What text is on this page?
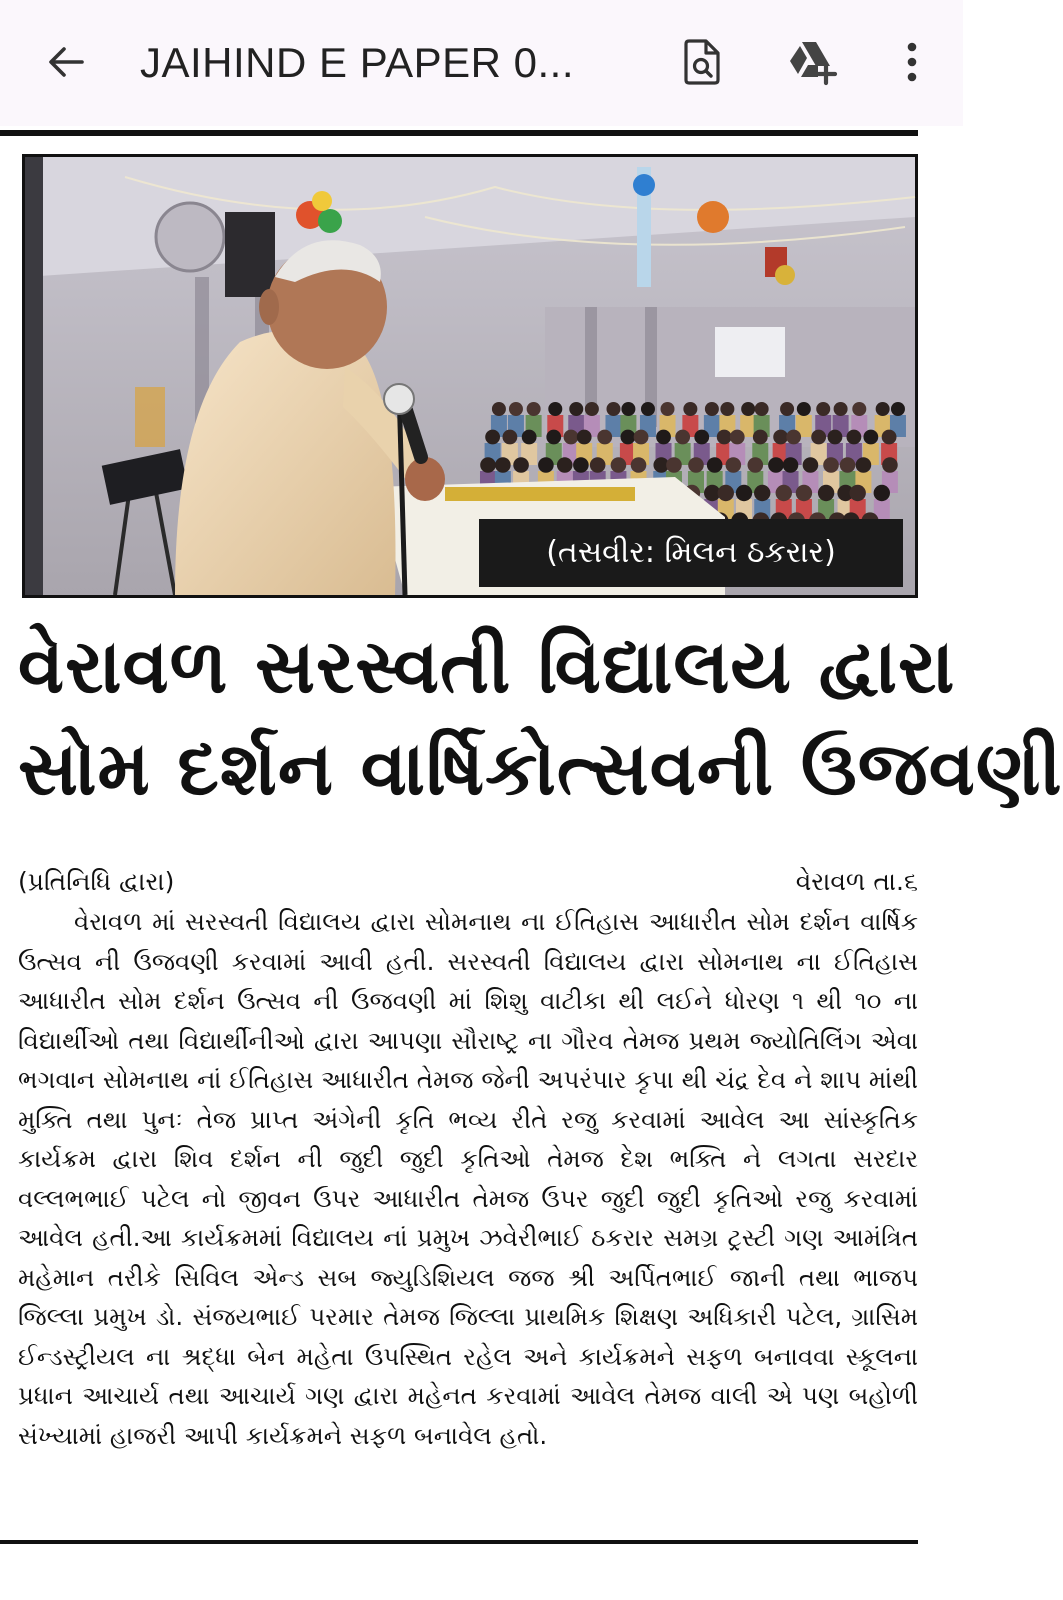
JAIHIND E PAPER 0...
(તસવીર: મિલન ઠકરાર)
વેરાવળ સરસ્વતી વિદ્યાલય દ્વારા
સોમ દર્શન વાર્ષિકોત્સવની ઉજવણી
(પ્રતિનિધિ દ્વારા)	વેરાવળ તા.૬

વેરાવળ માં સરસ્વતી વિદ્યાલય દ્વારા સોમનાથ ના ઈતિહાસ આધારીત સોમ દર્શન વાર્ષિક ઉત્સવ ની ઉજવણી કરવામાં આવી હતી. સરસ્વતી વિદ્યાલય દ્વારા સોમનાથ ના ઈતિહાસ આધારીત સોમ દર્શન ઉત્સવ ની ઉજવણી માં શિશુ વાટીકા થી લઈને ધોરણ ૧ થી ૧૦ ના વિદ્યાર્થીઓ તથા વિદ્યાર્થીનીઓ દ્વારા આપણા સૌરાષ્ટ્ર ના ગૌરવ તેમજ પ્રથમ જ્યોતિલિંગ એવા ભગવાન સોમનાથ નાં ઈતિહાસ આધારીત તેમજ જેની અપરંપાર કૃપા થી ચંદ્ર દેવ ને શાપ માંથી મુક્તિ તથા પુનઃ તેજ પ્રાપ્ત અંગેની કૃતિ ભવ્ય રીતે રજુ કરવામાં આવેલ આ સાંસ્કૃતિક કાર્યક્રમ દ્વારા શિવ દર્શન ની જુદી જુદી કૃતિઓ તેમજ દેશ ભક્તિ ને લગતા સરદાર વલ્લભભાઈ પટેલ નો જીવન ઉપર આધારીત તેમજ ઉપર જુદી જુદી કૃતિઓ રજુ કરવામાં આવેલ હતી.આ કાર્યક્રમમાં વિદ્યાલય નાં પ્રમુખ ઝવેરીભાઈ ઠકરાર સમગ્ર ટ્રસ્ટી ગણ આમંત્રિત મહેમાન તરીકે સિવિલ એન્ડ સબ જ્યુડિશિયલ જજ શ્રી અર્પિતભાઈ જાની તથા ભાજપ જિલ્લા પ્રમુખ ડો. સંજયભાઈ પરમાર તેમજ જિલ્લા પ્રાથમિક શિક્ષણ અધિકારી પટેલ, ગ્રાસિમ ઈન્ડસ્ટ્રીયલ ના શ્રદ્ધા બેન મહેતા ઉપસ્થિત રહેલ અને કાર્યક્રમને સફળ બનાવવા સ્કૂલના પ્રધાન આચાર્ય તથા આચાર્ય ગણ દ્વારા મહેનત કરવામાં આવેલ તેમજ વાલી એ પણ બહોળી સંખ્યામાં હાજરી આપી કાર્યક્રમને સફળ બનાવેલ હતો.
